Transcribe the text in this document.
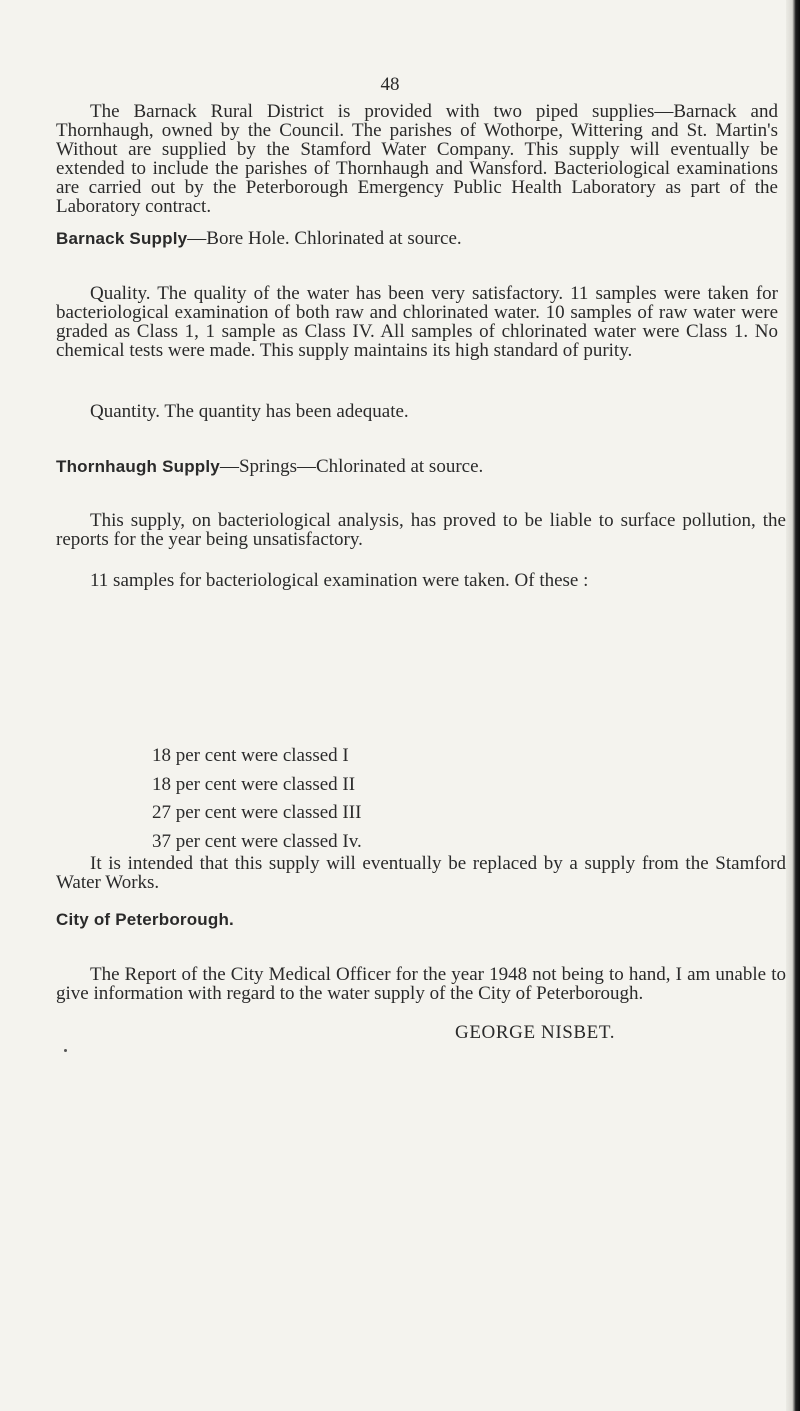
48

The Barnack Rural District is provided with two piped supplies—Barnack and Thornhaugh, owned by the Council. The parishes of Wothorpe, Wittering and St. Martin's Without are supplied by the Stamford Water Company. This supply will eventually be extended to include the parishes of Thornhaugh and Wansford. Bacteriological examinations are carried out by the Peterborough Emergency Public Health Laboratory as part of the Laboratory contract.

Barnack Supply—Bore Hole. Chlorinated at source.

Quality. The quality of the water has been very satisfactory. 11 samples were taken for bacteriological examination of both raw and chlorinated water. 10 samples of raw water were graded as Class 1, 1 sample as Class IV. All samples of chlorinated water were Class 1. No chemical tests were made. This supply maintains its high standard of purity.

Quantity. The quantity has been adequate.

Thornhaugh Supply—Springs—Chlorinated at source.

This supply, on bacteriological analysis, has proved to be liable to surface pollution, the reports for the year being unsatisfactory.

11 samples for bacteriological examination were taken. Of these :

18 per cent were classed I
18 per cent were classed II
27 per cent were classed III
37 per cent were classed Iv.

It is intended that this supply will eventually be replaced by a supply from the Stamford Water Works.

City of Peterborough.

The Report of the City Medical Officer for the year 1948 not being to hand, I am unable to give information with regard to the water supply of the City of Peterborough.

GEORGE NISBET.
